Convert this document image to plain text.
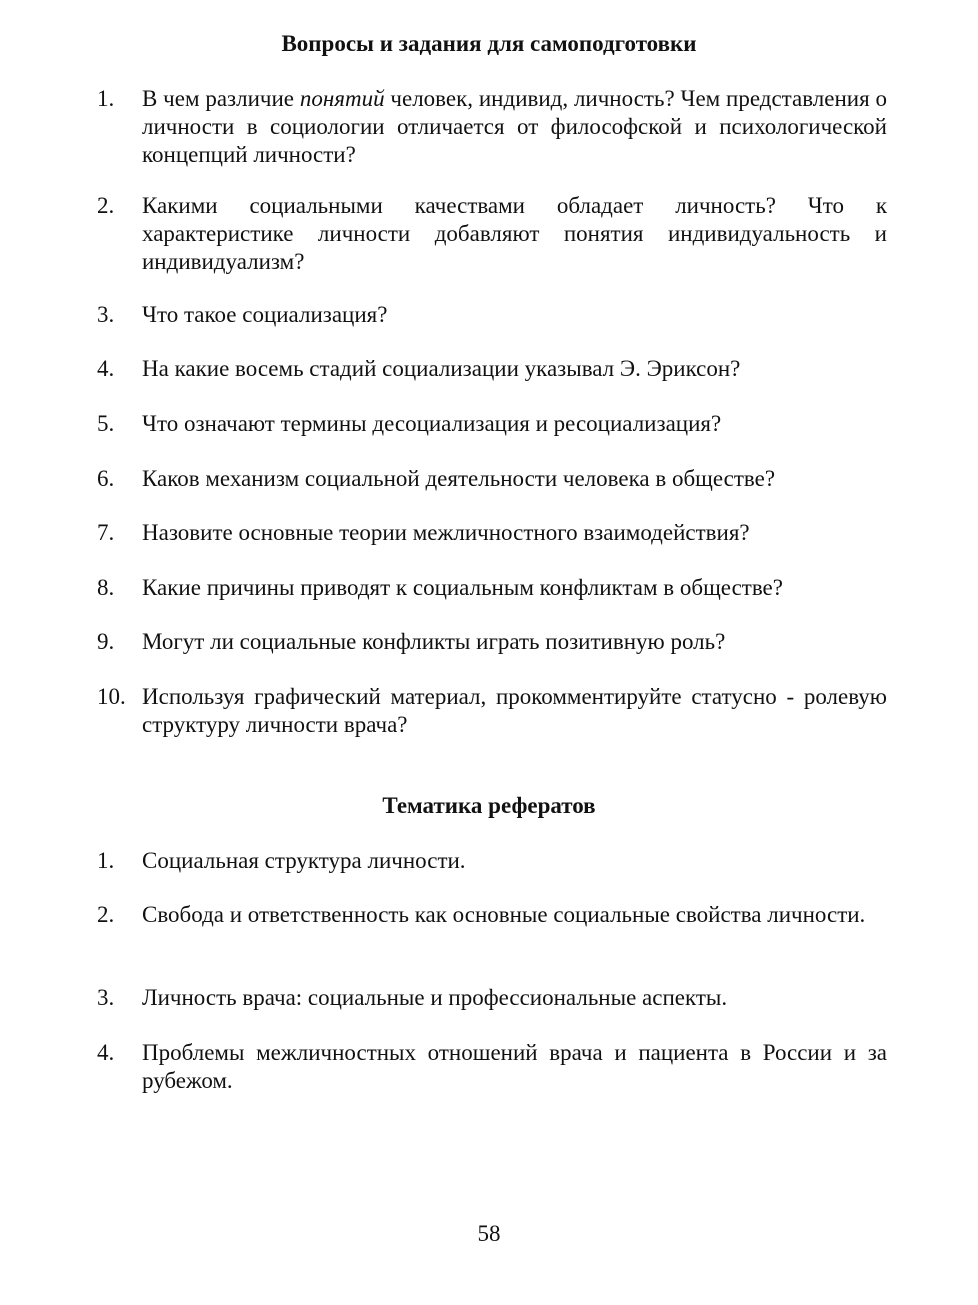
Вопросы и задания для самоподготовки
1. В чем различие понятий человек, индивид, личность? Чем представления о личности в социологии отличается от философской и психологической концепций личности?
2. Какими социальными качествами обладает личность? Что к характеристике личности добавляют понятия индивидуальность и индивидуализм?
3. Что такое социализация?
4. На какие восемь стадий социализации указывал Э. Эриксон?
5. Что означают термины десоциализация и ресоциализация?
6. Каков механизм социальной деятельности человека в обществе?
7. Назовите основные теории межличностного взаимодействия?
8. Какие причины приводят к социальным конфликтам в обществе?
9. Могут ли социальные конфликты играть позитивную роль?
10. Используя графический материал, прокомментируйте статусно - ролевую структуру личности врача?
Тематика рефератов
1. Социальная структура личности.
2. Свобода и ответственность как основные социальные свойства личности.
3. Личность врача: социальные и профессиональные аспекты.
4. Проблемы межличностных отношений врача и пациента в России и за рубежом.
58
